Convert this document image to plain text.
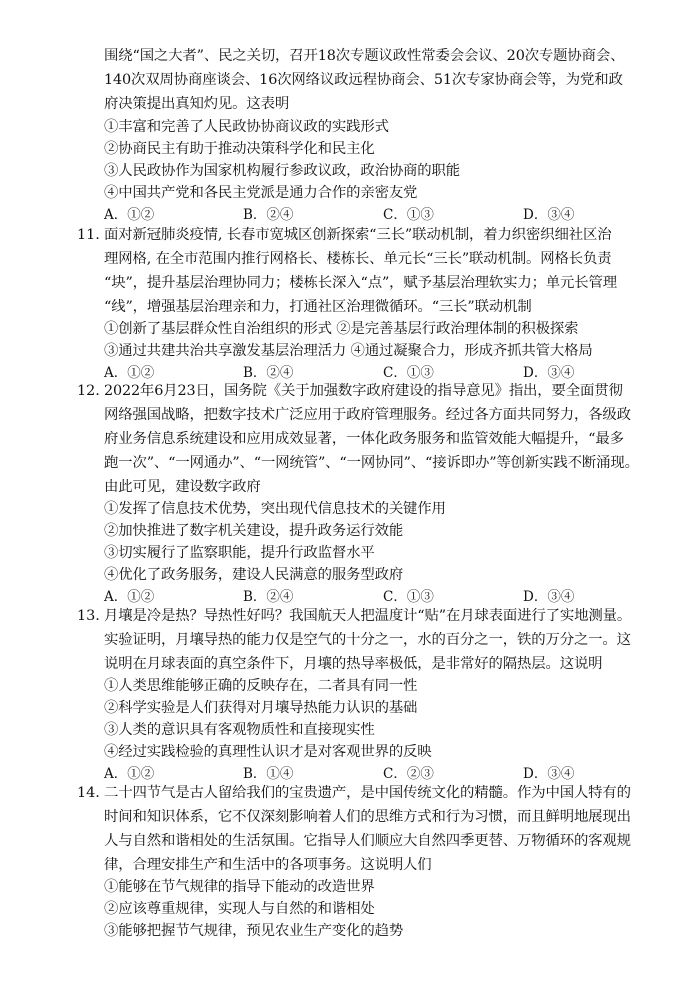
围绕“国之大者”、民之关切，召开18次专题议政性常委会会议、20次专题协商会、
140次双周协商座谈会、16次网络议政远程协商会、51次专家协商会等，为党和政
府决策提出真知灼见。这表明
①丰富和完善了人民政协协商议政的实践形式
②协商民主有助于推动决策科学化和民主化
③人民政协作为国家机构履行参政议政，政治协商的职能
④中国共产党和各民主党派是通力合作的亲密友党
A．①②	B．②④	C．①③	D．③④
11. 面对新冠肺炎疫情, 长春市宽城区创新探索“三长”联动机制，着力织密织细社区治
理网格, 在全市范围内推行网格长、楼栋长、单元长“三长”联动机制。网格长负责
“块”，提升基层治理协同力；楼栋长深入“点”，赋予基层治理软实力；单元长管理
“线”，增强基层治理亲和力，打通社区治理微循环。“三长”联动机制
①创新了基层群众性自治组织的形式 ②是完善基层行政治理体制的积极探索
③通过共建共治共享激发基层治理活力 ④通过凝聚合力，形成齐抓共管大格局
A．①②	B．②④	C．①③	D．③④
12. 2022年6月23日，国务院《关于加强数字政府建设的指导意见》指出，要全面贯彻
网络强国战略，把数字技术广泛应用于政府管理服务。经过各方面共同努力，各级政
府业务信息系统建设和应用成效显著，一体化政务服务和监管效能大幅提升，“最多
跑一次”、“一网通办”、“一网统管”、“一网协同”、“接诉即办”等创新实践不断涌现。
由此可见，建设数字政府
①发挥了信息技术优势，突出现代信息技术的关键作用
②加快推进了数字机关建设，提升政务运行效能
③切实履行了监察职能，提升行政监督水平
④优化了政务服务，建设人民满意的服务型政府
A．①②	B．②④	C．①③	D．③④
13. 月壤是冷是热？导热性好吗？我国航天人把温度计“贴”在月球表面进行了实地测量。
实验证明，月壤导热的能力仅是空气的十分之一，水的百分之一，铁的万分之一。这
说明在月球表面的真空条件下，月壤的热导率极低，是非常好的隔热层。这说明
①人类思维能够正确的反映存在，二者具有同一性
②科学实验是人们获得对月壤导热能力认识的基础
③人类的意识具有客观物质性和直接现实性
④经过实践检验的真理性认识才是对客观世界的反映
A．①②	B．①④	C．②③	D．③④
14. 二十四节气是古人留给我们的宝贵遗产，是中国传统文化的精髓。作为中国人特有的
时间和知识体系，它不仅深刻影响着人们的思维方式和行为习惯，而且鲜明地展现出
人与自然和谐相处的生活氛围。它指导人们顺应大自然四季更替、万物循环的客观规
律，合理安排生产和生活中的各项事务。这说明人们
①能够在节气规律的指导下能动的改造世界
②应该尊重规律，实现人与自然的和谐相处
③能够把握节气规律，预见农业生产变化的趋势
